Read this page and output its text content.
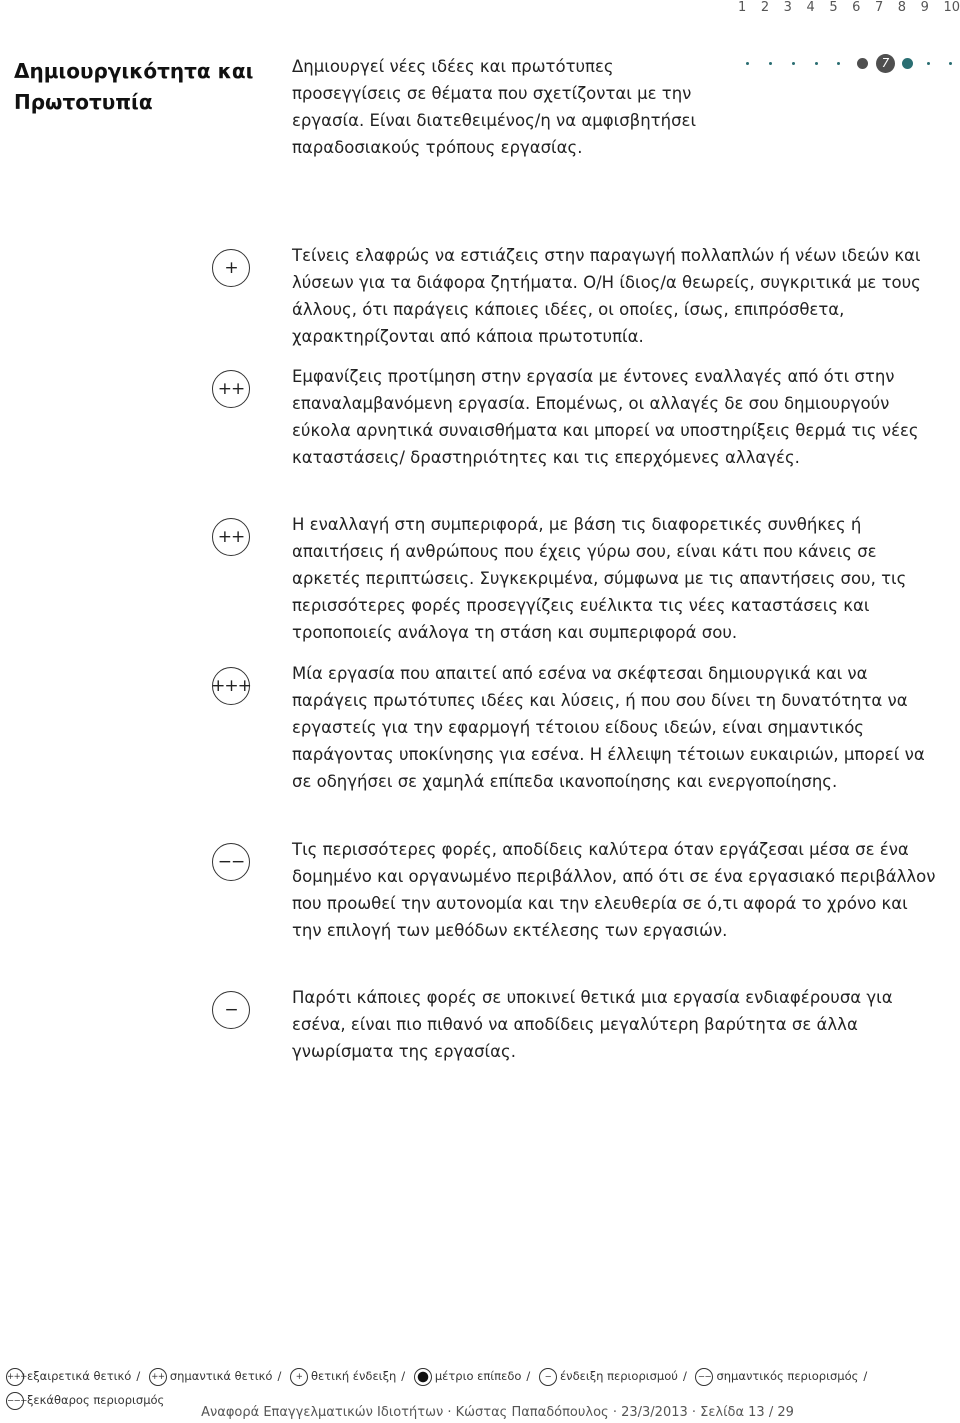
1 2 3 4 5 6 7 8 9 10
Δημιουργικότητα και Πρωτοτυπία

Δημιουργεί νέες ιδέες και πρωτότυπες προσεγγίσεις σε θέματα που σχετίζονται με την εργασία. Είναι διατεθειμένος/η να αμφισβητήσει παραδοσιακούς τρόπους εργασίας.

7
+

Τείνεις ελαφρώς να εστιάζεις στην παραγωγή πολλαπλών ή νέων ιδεών και λύσεων για τα διάφορα ζητήματα. Ο/Η ίδιος/α θεωρείς, συγκριτικά με τους άλλους, ότι παράγεις κάποιες ιδέες, οι οποίες, ίσως, επιπρόσθετα, χαρακτηρίζονται από κάποια πρωτοτυπία.

++

Εμφανίζεις προτίμηση στην εργασία με έντονες εναλλαγές από ότι στην επαναλαμβανόμενη εργασία. Επομένως, οι αλλαγές δε σου δημιουργούν εύκολα αρνητικά συναισθήματα και μπορεί να υποστηρίξεις θερμά τις νέες καταστάσεις/ δραστηριότητες και τις επερχόμενες αλλαγές.

++

Η εναλλαγή στη συμπεριφορά, με βάση τις διαφορετικές συνθήκες ή απαιτήσεις ή ανθρώπους που έχεις γύρω σου, είναι κάτι που κάνεις σε αρκετές περιπτώσεις. Συγκεκριμένα, σύμφωνα με τις απαντήσεις σου, τις περισσότερες φορές προσεγγίζεις ευέλικτα τις νέες καταστάσεις και τροποποιείς ανάλογα τη στάση και συμπεριφορά σου.

+++

Μία εργασία που απαιτεί από εσένα να σκέφτεσαι δημιουργικά και να παράγεις πρωτότυπες ιδέες και λύσεις, ή που σου δίνει τη δυνατότητα να εργαστείς για την εφαρμογή τέτοιου είδους ιδεών, είναι σημαντικός παράγοντας υποκίνησης για εσένα. Η έλλειψη τέτοιων ευκαιριών, μπορεί να σε οδηγήσει σε χαμηλά επίπεδα ικανοποίησης και ενεργοποίησης.

−−

Τις περισσότερες φορές, αποδίδεις καλύτερα όταν εργάζεσαι μέσα σε ένα δομημένο και οργανωμένο περιβάλλον, από ότι σε ένα εργασιακό περιβάλλον που προωθεί την αυτονομία και την ελευθερία σε ό,τι αφορά το χρόνο και την επιλογή των μεθόδων εκτέλεσης των εργασιών.

−

Παρότι κάποιες φορές σε υποκινεί θετικά μια εργασία ενδιαφέρουσα για εσένα, είναι πιο πιθανό να αποδίδεις μεγαλύτερη βαρύτητα σε άλλα γνωρίσματα της εργασίας.

+++εξαιρετικά θετικό / ++ σημαντικά θετικό / + θετική ένδειξη /	μέτριο επίπεδο / − ένδειξη περιορισμού / −− σημαντικός περιορισμός / −−−ξεκάθαρος περιορισμός
Αναφορά Επαγγελματικών Ιδιοτήτων · Κώστας Παπαδόπουλος · 23/3/2013 · Σελίδα 13 / 29
